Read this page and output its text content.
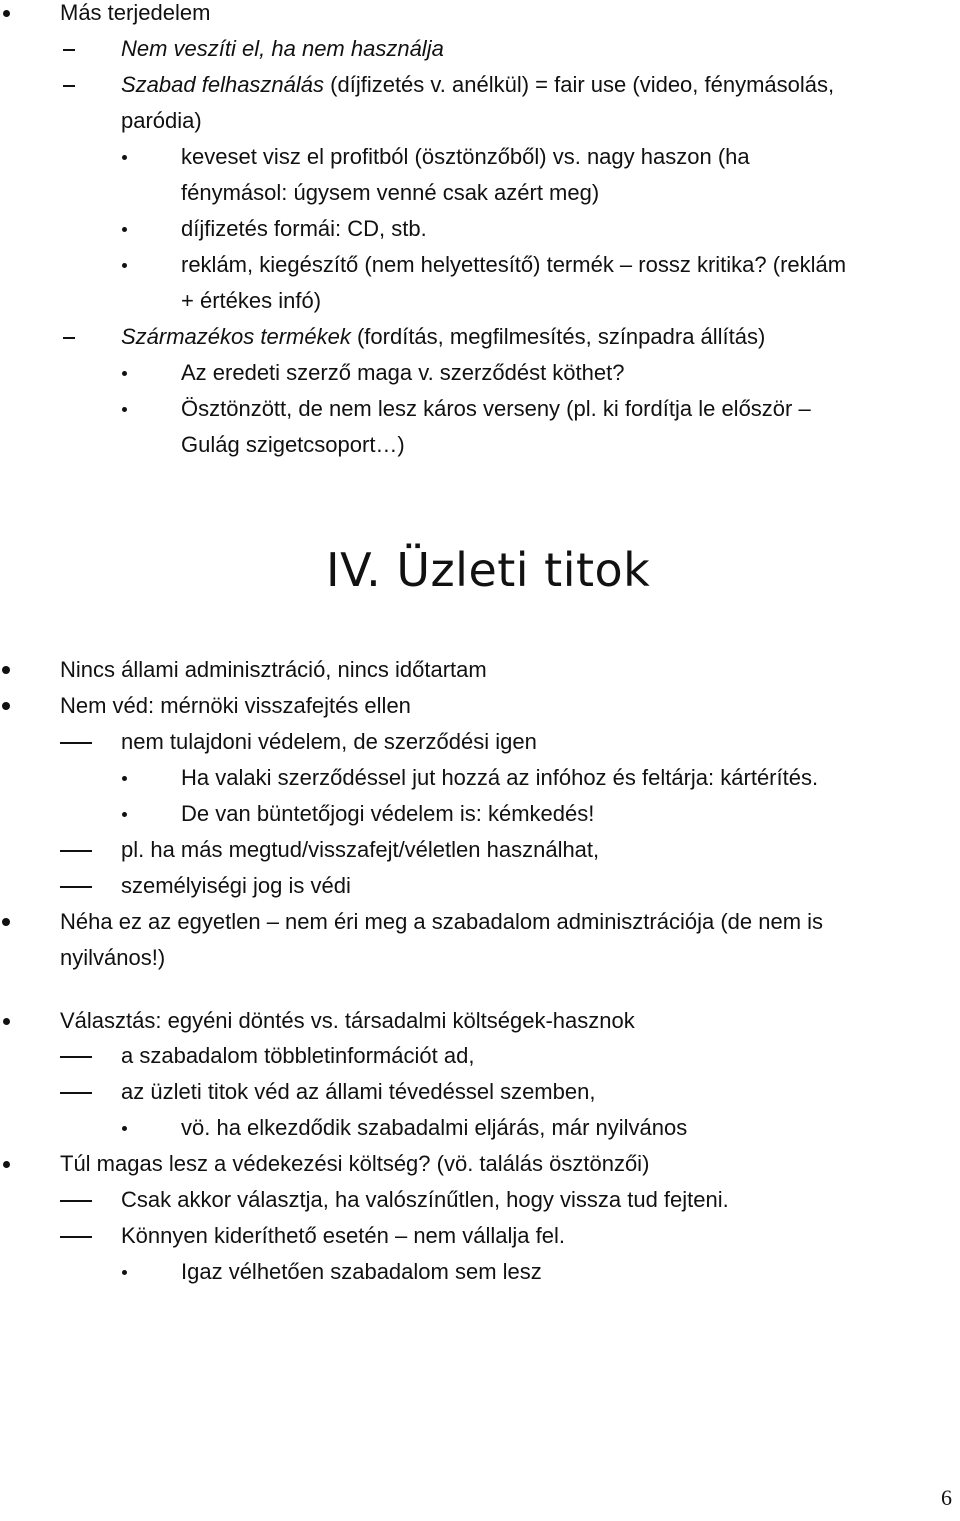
Más terjedelem
Nem veszíti el, ha nem használja
Szabad felhasználás (díjfizetés v. anélkül) = fair use (video, fénymásolás,
paródia)
keveset visz el profitból (ösztönzőből) vs. nagy haszon (ha
fénymásol: úgysem venné csak azért meg)
díjfizetés formái: CD, stb.
reklám, kiegészítő (nem helyettesítő) termék – rossz kritika? (reklám
+ értékes infó)
Származékos termékek (fordítás, megfilmesítés, színpadra állítás)
Az eredeti szerző maga v. szerződést köthet?
Ösztönzött, de nem lesz káros verseny (pl. ki fordítja le először –
Gulág szigetcsoport…)
IV. Üzleti titok
Nincs állami adminisztráció, nincs időtartam
Nem véd: mérnöki visszafejtés ellen
nem tulajdoni védelem, de szerződési igen
Ha valaki szerződéssel jut hozzá az infóhoz és feltárja: kártérítés.
De van büntetőjogi védelem is: kémkedés!
pl. ha más megtud/visszafejt/véletlen használhat,
személyiségi jog is védi
Néha ez az egyetlen – nem éri meg a szabadalom adminisztrációja (de nem is
nyilvános!)
Választás: egyéni döntés vs. társadalmi költségek-hasznok
a szabadalom többletinformációt ad,
az üzleti titok véd az állami tévedéssel szemben,
vö. ha elkezdődik szabadalmi eljárás, már nyilvános
Túl magas lesz a védekezési költség? (vö. találás ösztönzői)
Csak akkor választja, ha valószínűtlen, hogy vissza tud fejteni.
Könnyen kideríthető esetén – nem vállalja fel.
Igaz vélhetően szabadalom sem lesz
6
